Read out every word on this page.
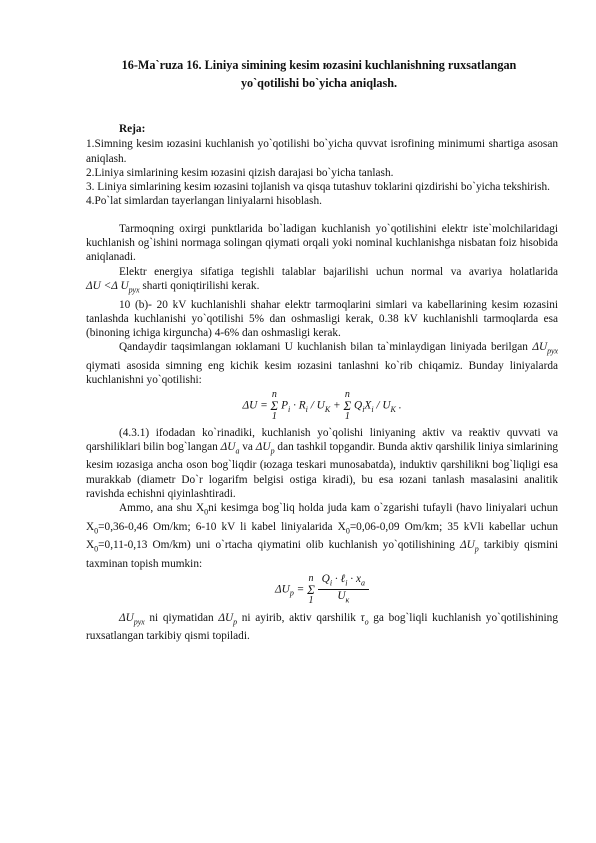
16-Ma`ruza 16. Liniya simining kesim юzasini kuchlanishning ruxsatlangan
yo`qotilishi bo`yicha aniqlash.

Reja:

1.Simning kesim юzasini kuchlanish yo`qotilishi bo`yicha quvvat isrofining minimumi shartiga asosan aniqlash.

2.Liniya simlarining kesim юzasini qizish darajasi bo`yicha tanlash.

3. Liniya simlarining kesim юzasini tojlanish va qisqa tutashuv toklarini qizdirishi bo`yicha tekshirish.

4.Po`lat simlardan tayerlangan liniyalarni hisoblash.

Tarmoqning oxirgi punktlarida bo`ladigan kuchlanish yo`qotilishini elektr iste`molchilaridagi kuchlanish og`ishini normaga solingan qiymati orqali yoki nominal kuchlanishga nisbatan foiz hisobida aniqlanadi.

Elektr energiya sifatiga tegishli talablar bajarilishi uchun normal va avariya holatlarida ΔU <Δ $U_{рух}$ sharti qoniqtirilishi kerak.

10 (b)- 20 kV kuchlanishli shahar elektr tarmoqlarini simlari va kabellarining kesim юzasini tanlashda kuchlanishi yo`qotilishi 5% dan oshmasligi kerak, 0.38 kV kuchlanishli tarmoqlarda esa (binoning ichiga kirguncha) 4-6% dan oshmasligi kerak.

Qandaydir taqsimlangan юklamani U kuchlanish bilan ta`minlaydigan liniyada berilgan $\Delta U_{рух}$ qiymati asosida simning eng kichik kesim юzasini tanlashni ko`rib chiqamiz. Bunday liniyalarda kuchlanishni yo`qotilishi:

ΔU = n
Σ
1 $P_i \cdot R_i / U_K + n$
Σ
1 $Q_iX_i / U_K$ .

(4.3.1) ifodadan ko`rinadiki, kuchlanish yo`qolishi liniyaning aktiv va reaktiv quvvati va qarshiliklari bilin bog`langan $\Delta U_a$ va $\Delta U_p$ dan tashkil topgandir. Bunda aktiv qarshilik liniya simlarining kesim юzasiga ancha oson bog`liqdir (юzaga teskari munosabatda), induktiv qarshilikni bog`liqligi esa murakkab (diametr Do`r logarifm belgisi ostiga kiradi), bu esa юzani tanlash masalasini analitik ravishda echishni qiyinlashtiradi.

Ammo, ana shu $X_0ni$ kesimga bog`liq holda juda kam o`zgarishi tufayli (havo liniyalari uchun $X_0=0,36-0,46$ Om/km; 6-10 kV li kabel liniyalarida $X_0=0,06-0,09$ Om/km; 35 kVli kabellar uchun $X_0=0,11-0,13$ Om/km) uni o`rtacha qiymatini olib kuchlanish yo`qotilishining $\Delta U_p$ tarkibiy qismini taxminan topish mumkin:

$\Delta U_p = n$
Σ
$1 \frac{Q_i \cdot \ell_i \cdot x_a}{U_к}$

$\Delta U_{рух}$ ni qiymatidan $\Delta U_p$ ni ayirib, aktiv qarshilik $\tau_o$ ga bog`liqli kuchlanish yo`qotilishining ruxsatlangan tarkibiy qismi topiladi.
